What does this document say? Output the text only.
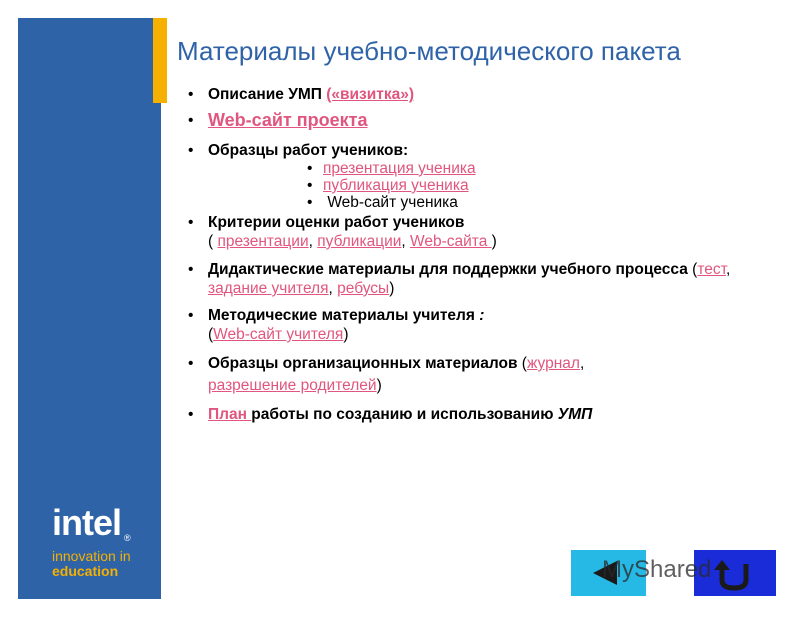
intel ®
innovation in
education
Материалы учебно-методического пакета
• Описание УМП («визитка»)
• Web-сайт проекта
• Образцы работ учеников:
• презентация ученика
• публикация ученика
• Web-сайт ученика
• Критерии оценки работ учеников
( презентации, публикации, Web-сайта )
• Дидактические материалы для поддержки учебного процесса (тест, задание учителя, ребусы)
• Методические материалы учителя :
(Web-сайт учителя)
• Образцы организационных материалов (журнал,
разрешение родителей)
• План работы по созданию и использованию УМП
MyShared
